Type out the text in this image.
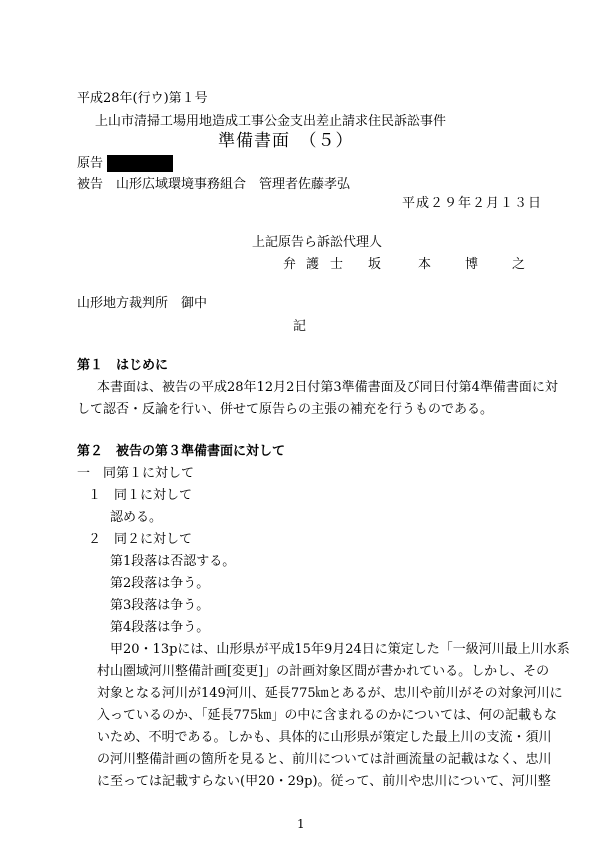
平成28年(行ウ)第１号
上山市清掃工場用地造成工事公金支出差止請求住民訴訟事件
準備書面　（５）
原告
被告　山形広域環境事務組合　管理者佐藤孝弘
平成２９年２月１３日
上記原告ら訴訟代理人
弁 護 士 坂	本	博	之
山形地方裁判所　御中
記
第１　はじめに
本書面は、被告の平成28年12月2日付第3準備書面及び同日付第4準備書面に対
して認否・反論を行い、併せて原告らの主張の補充を行うものである。
第２　被告の第３準備書面に対して
一　同第１に対して
１　同１に対して
認める。
２　同２に対して
第1段落は否認する。
第2段落は争う。
第3段落は争う。
第4段落は争う。
甲20・13pには、山形県が平成15年9月24日に策定した「一級河川最上川水系
村山圏域河川整備計画[変更]」の計画対象区間が書かれている。しかし、その
対象となる河川が149河川、延長775㎞とあるが、忠川や前川がその対象河川に
入っているのか、「延長775㎞」の中に含まれるのかについては、何の記載もな
いため、不明である。しかも、具体的に山形県が策定した最上川の支流・須川
の河川整備計画の箇所を見ると、前川については計画流量の記載はなく、忠川
に至っては記載すらない(甲20・29p)。従って、前川や忠川について、河川整
1
